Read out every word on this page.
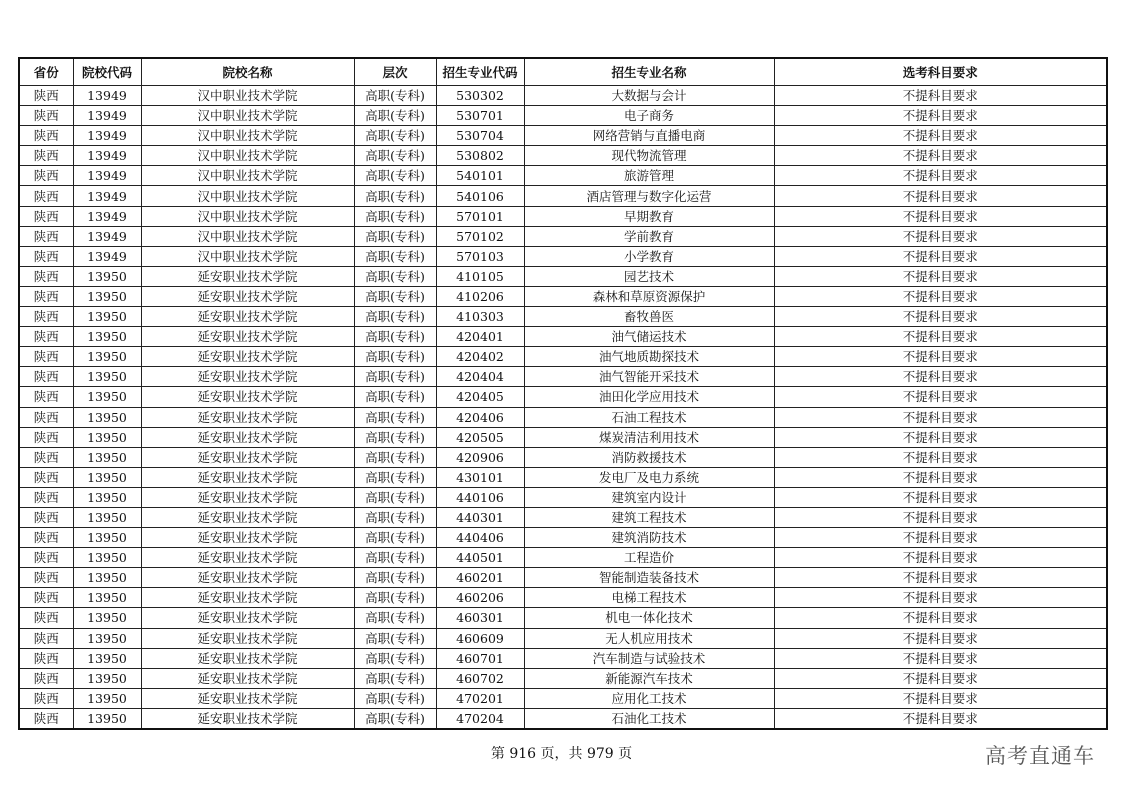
省份	院校代码	院校名称	层次	招生专业代码	招生专业名称	选考科目要求
陕西	13949	汉中职业技术学院	高职(专科)	530302	大数据与会计	不提科目要求
陕西	13949	汉中职业技术学院	高职(专科)	530701	电子商务	不提科目要求
陕西	13949	汉中职业技术学院	高职(专科)	530704	网络营销与直播电商	不提科目要求
陕西	13949	汉中职业技术学院	高职(专科)	530802	现代物流管理	不提科目要求
陕西	13949	汉中职业技术学院	高职(专科)	540101	旅游管理	不提科目要求
陕西	13949	汉中职业技术学院	高职(专科)	540106	酒店管理与数字化运营	不提科目要求
陕西	13949	汉中职业技术学院	高职(专科)	570101	早期教育	不提科目要求
陕西	13949	汉中职业技术学院	高职(专科)	570102	学前教育	不提科目要求
陕西	13949	汉中职业技术学院	高职(专科)	570103	小学教育	不提科目要求
陕西	13950	延安职业技术学院	高职(专科)	410105	园艺技术	不提科目要求
陕西	13950	延安职业技术学院	高职(专科)	410206	森林和草原资源保护	不提科目要求
陕西	13950	延安职业技术学院	高职(专科)	410303	畜牧兽医	不提科目要求
陕西	13950	延安职业技术学院	高职(专科)	420401	油气储运技术	不提科目要求
陕西	13950	延安职业技术学院	高职(专科)	420402	油气地质勘探技术	不提科目要求
陕西	13950	延安职业技术学院	高职(专科)	420404	油气智能开采技术	不提科目要求
陕西	13950	延安职业技术学院	高职(专科)	420405	油田化学应用技术	不提科目要求
陕西	13950	延安职业技术学院	高职(专科)	420406	石油工程技术	不提科目要求
陕西	13950	延安职业技术学院	高职(专科)	420505	煤炭清洁利用技术	不提科目要求
陕西	13950	延安职业技术学院	高职(专科)	420906	消防救援技术	不提科目要求
陕西	13950	延安职业技术学院	高职(专科)	430101	发电厂及电力系统	不提科目要求
陕西	13950	延安职业技术学院	高职(专科)	440106	建筑室内设计	不提科目要求
陕西	13950	延安职业技术学院	高职(专科)	440301	建筑工程技术	不提科目要求
陕西	13950	延安职业技术学院	高职(专科)	440406	建筑消防技术	不提科目要求
陕西	13950	延安职业技术学院	高职(专科)	440501	工程造价	不提科目要求
陕西	13950	延安职业技术学院	高职(专科)	460201	智能制造装备技术	不提科目要求
陕西	13950	延安职业技术学院	高职(专科)	460206	电梯工程技术	不提科目要求
陕西	13950	延安职业技术学院	高职(专科)	460301	机电一体化技术	不提科目要求
陕西	13950	延安职业技术学院	高职(专科)	460609	无人机应用技术	不提科目要求
陕西	13950	延安职业技术学院	高职(专科)	460701	汽车制造与试验技术	不提科目要求
陕西	13950	延安职业技术学院	高职(专科)	460702	新能源汽车技术	不提科目要求
陕西	13950	延安职业技术学院	高职(专科)	470201	应用化工技术	不提科目要求
陕西	13950	延安职业技术学院	高职(专科)	470204	石油化工技术	不提科目要求
第 916 页，共 979 页	高考直通车
